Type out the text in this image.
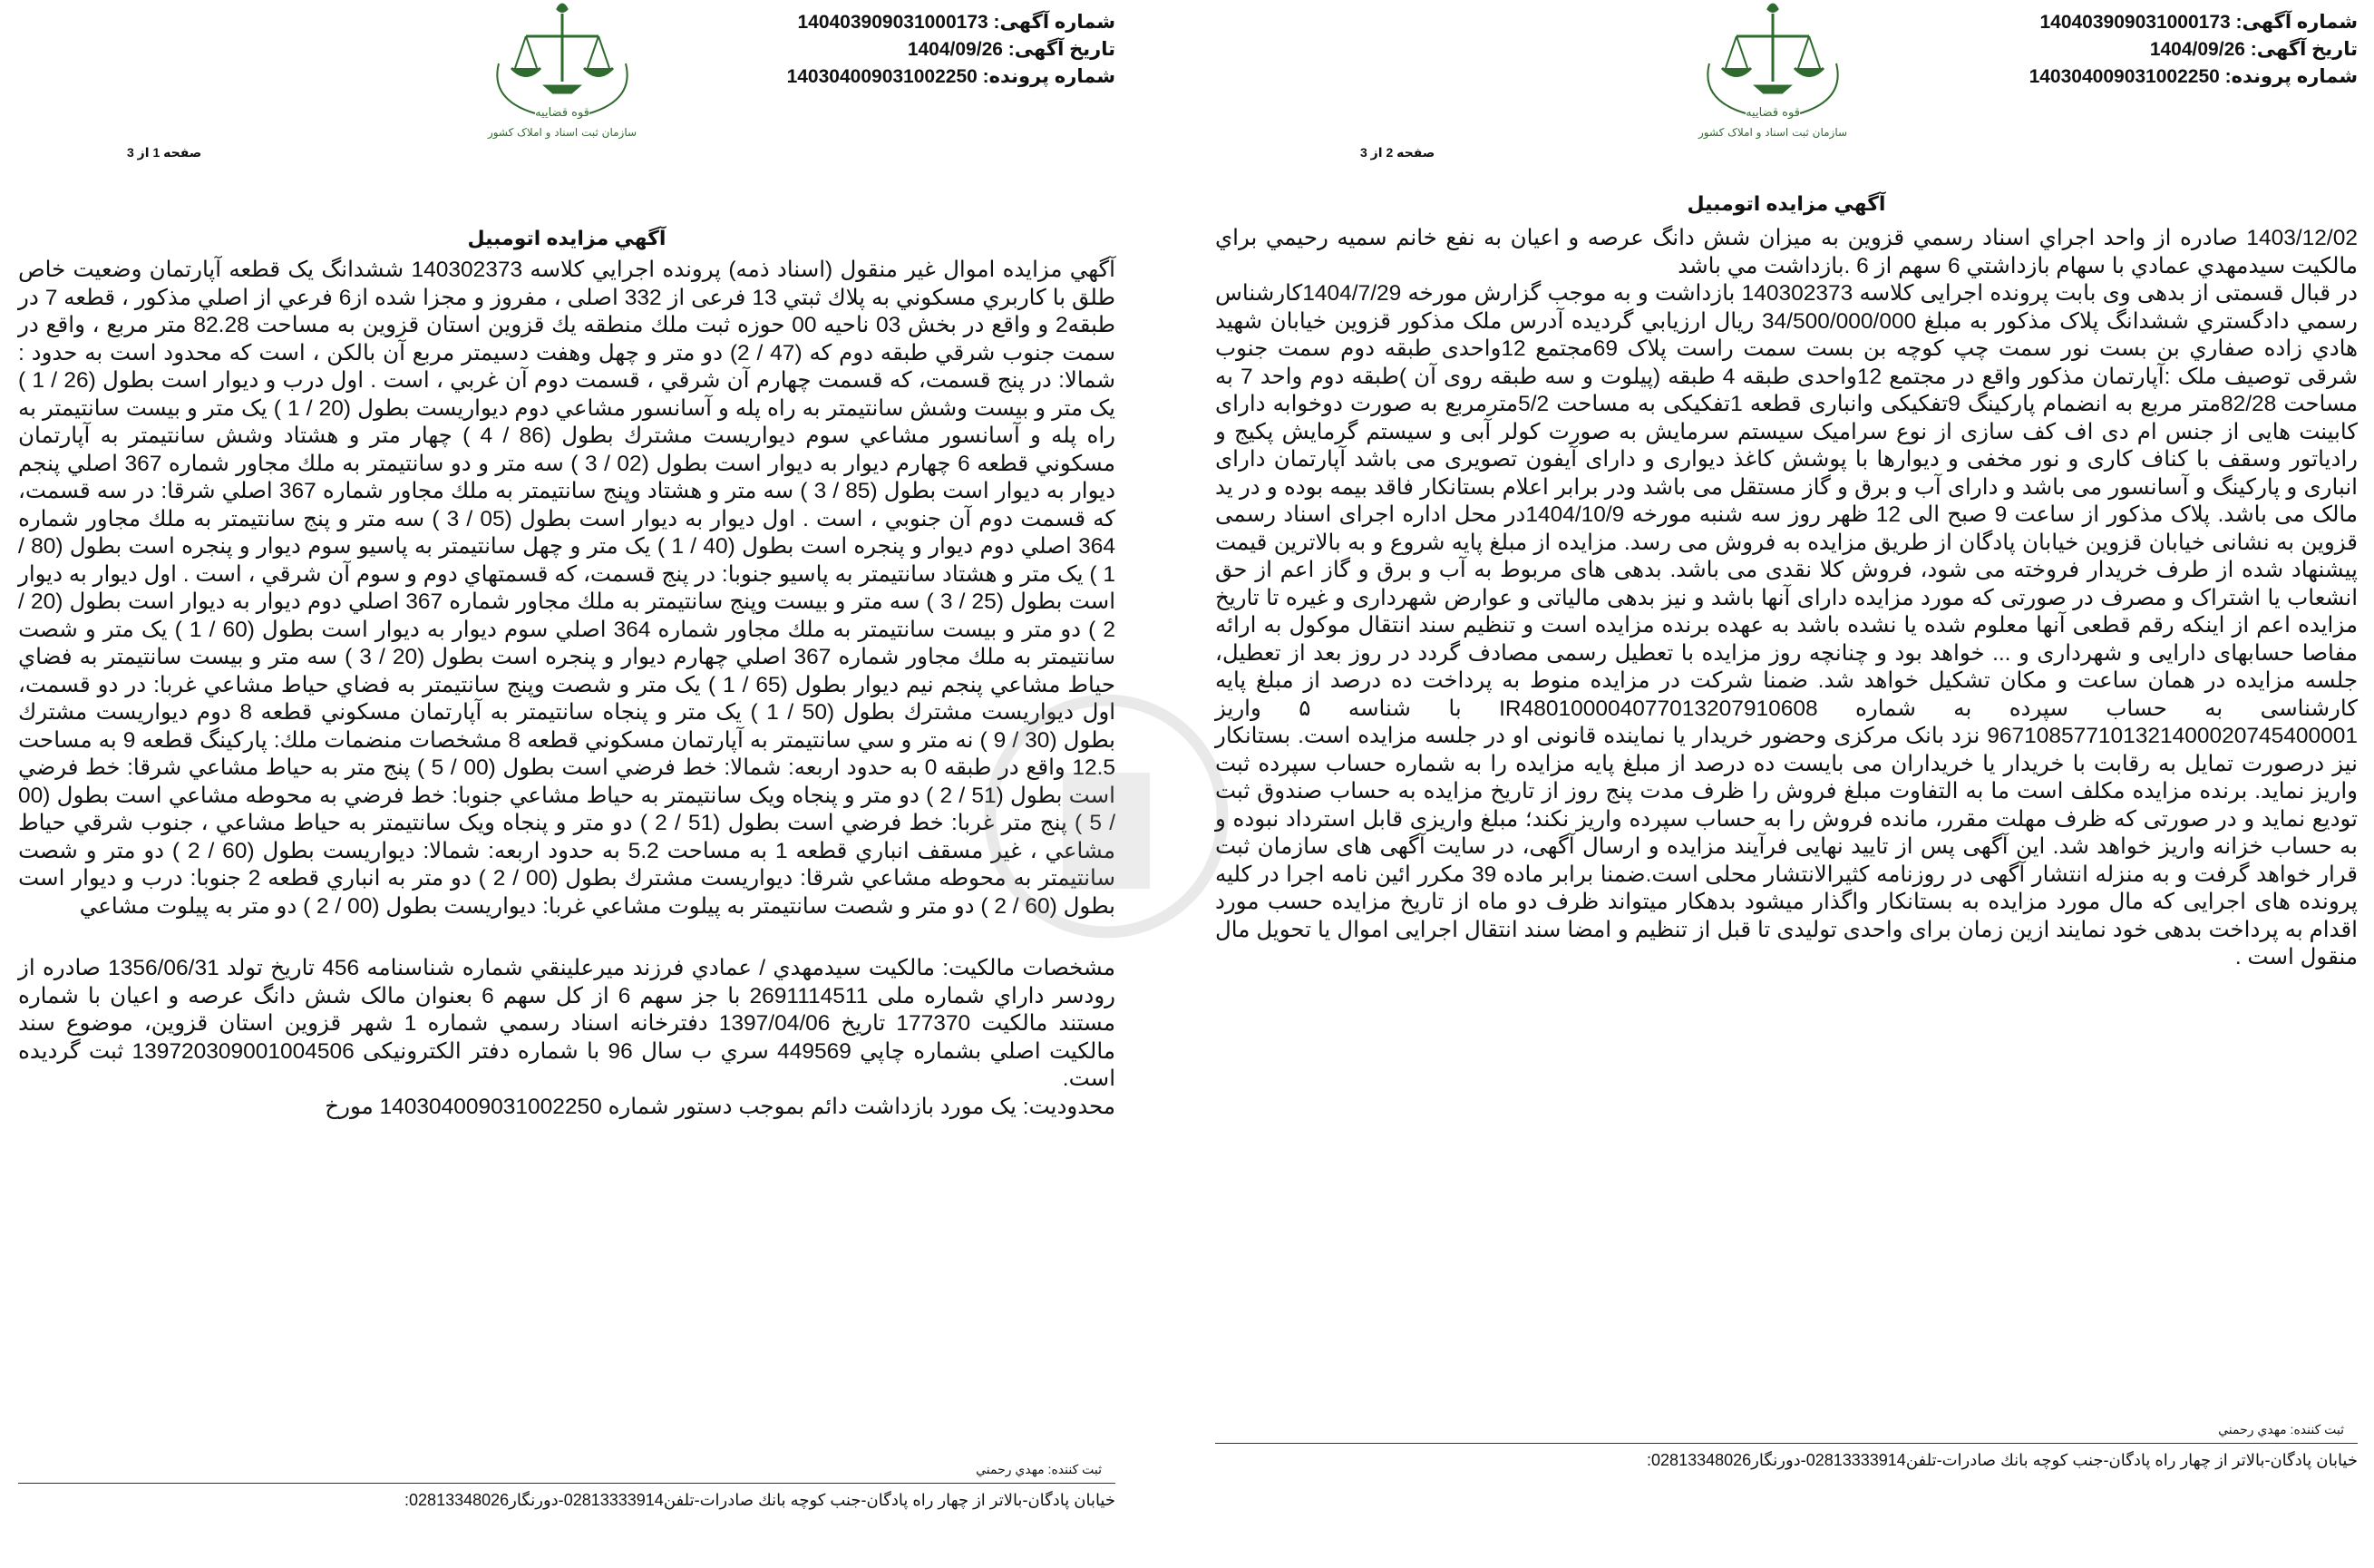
شماره آگهی: 140403909031000173
تاریخ آگهی: 1404/09/26
شماره پرونده: 140304009031002250
قوه قضاییه
سازمان ثبت اسناد و املاک کشور
صفحه 1 از 3
آگهي مزايده اتومبيل

آگهي مزايده اموال غير منقول (اسناد ذمه) پرونده اجرايي كلاسه 140302373 ششدانگ يک قطعه آپارتمان وضعيت خاص طلق با كاربري مسكوني به پلاك ثبتي 13 فرعی از 332 اصلی ، مفروز و مجزا شده از6 فرعي از اصلي مذكور ، قطعه 7 در طبقه2 و واقع در بخش 03 ناحيه 00 حوزه ثبت ملك منطقه يك قزوين استان قزوين به مساحت 82.28 متر مربع ، واقع در سمت جنوب شرقي طبقه دوم كه (47 / 2) دو متر و چهل وهفت دسيمتر مربع آن بالكن ، است كه محدود است به حدود : شمالا: در پنج قسمت، كه قسمت چهارم آن شرقي ، قسمت دوم آن غربي ، است . اول درب و ديوار است بطول (26 / 1 ) يک متر و بيست وشش سانتيمتر به راه پله و آسانسور مشاعي دوم ديواريست بطول (20 / 1 ) يک متر و بيست سانتيمتر به راه پله و آسانسور مشاعي سوم ديواريست مشترك بطول (86 / 4 ) چهار متر و هشتاد وشش سانتيمتر به آپارتمان مسكوني قطعه 6 چهارم ديوار به ديوار است بطول (02 / 3 ) سه متر و دو سانتيمتر به ملك مجاور شماره 367 اصلي پنجم ديوار به ديوار است بطول (85 / 3 ) سه متر و هشتاد وپنج سانتيمتر به ملك مجاور شماره 367 اصلي شرقا: در سه قسمت، كه قسمت دوم آن جنوبي ، است . اول ديوار به ديوار است بطول (05 / 3 ) سه متر و پنج سانتيمتر به ملك مجاور شماره 364 اصلي دوم ديوار و پنجره است بطول (40 / 1 ) يک متر و چهل سانتيمتر به پاسيو سوم ديوار و پنجره است بطول (80 / 1 ) يک متر و هشتاد سانتيمتر به پاسيو جنوبا: در پنج قسمت، كه قسمتهاي دوم و سوم آن شرقي ، است . اول ديوار به ديوار است بطول (25 / 3 ) سه متر و بيست وپنج سانتيمتر به ملك مجاور شماره 367 اصلي دوم ديوار به ديوار است بطول (20 / 2 ) دو متر و بيست سانتيمتر به ملك مجاور شماره 364 اصلي سوم ديوار به ديوار است بطول (60 / 1 ) يک متر و شصت سانتيمتر به ملك مجاور شماره 367 اصلي چهارم ديوار و پنجره است بطول (20 / 3 ) سه متر و بيست سانتيمتر به فضاي حياط مشاعي پنجم نيم ديوار بطول (65 / 1 ) يک متر و شصت وپنج سانتيمتر به فضاي حياط مشاعي غربا: در دو قسمت، اول ديواريست مشترك بطول (50 / 1 ) يک متر و پنجاه سانتيمتر به آپارتمان مسكوني قطعه 8 دوم ديواريست مشترك بطول (30 / 9 ) نه متر و سي سانتيمتر به آپارتمان مسكوني قطعه 8 مشخصات منضمات ملك: پاركينگ قطعه 9 به مساحت 12.5 واقع در طبقه 0 به حدود اربعه: شمالا: خط فرضي است بطول (00 / 5 ) پنج متر به حياط مشاعي شرقا: خط فرضي است بطول (51 / 2 ) دو متر و پنجاه ويک سانتيمتر به حياط مشاعي جنوبا: خط فرضي به محوطه مشاعي است بطول (00 / 5 ) پنج متر غربا: خط فرضي است بطول (51 / 2 ) دو متر و پنجاه ويک سانتيمتر به حياط مشاعي ، جنوب شرقي حياط مشاعي ، غير مسقف انباري قطعه 1 به مساحت 5.2 به حدود اربعه: شمالا: ديواريست بطول (60 / 2 ) دو متر و شصت سانتيمتر به محوطه مشاعي شرقا: ديواريست مشترك بطول (00 / 2 ) دو متر به انباري قطعه 2 جنوبا: درب و ديوار است بطول (60 / 2 ) دو متر و شصت سانتيمتر به پيلوت مشاعي غربا: ديواريست بطول (00 / 2 ) دو متر به پيلوت مشاعي

مشخصات مالكيت: مالكيت سيدمهدي / عمادي فرزند ميرعلينقي شماره شناسنامه 456 تاريخ تولد 1356/06/31 صادره از رودسر داراي شماره ملی 2691114511 با جز سهم 6 از كل سهم 6 بعنوان مالک شش دانگ عرصه و اعيان با شماره مستند مالكيت 177370 تاريخ 1397/04/06 دفترخانه اسناد رسمي شماره 1 شهر قزوين استان قزوين، موضوع سند مالكيت اصلي بشماره چاپي 449569 سري ب سال 96 با شماره دفتر الكترونيكی 139720309001004506 ثبت گرديده است.

محدوديت: يک مورد بازداشت دائم بموجب دستور شماره 140304009031002250 مورخ

ثبت کننده: مهدي رحمني
خيابان پادگان-بالاتر از چهار راه پادگان-جنب كوچه بانك صادرات-تلفن02813333914-دورنگار02813348026:
شماره آگهی: 140403909031000173
تاریخ آگهی: 1404/09/26
شماره پرونده: 140304009031002250
قوه قضاییه
سازمان ثبت اسناد و املاک کشور
صفحه 2 از 3
آگهي مزايده اتومبيل

1403/12/02 صادره از واحد اجراي اسناد رسمي قزوين به ميزان شش دانگ عرصه و اعيان به نفع خانم سميه رحيمي براي مالكيت سيدمهدي عمادي با سهام بازداشتي 6 سهم از 6 .بازداشت مي باشد

در قبال قسمتی از بدهی وی بابت پرونده اجرایی کلاسه 140302373 بازداشت و به موجب گزارش مورخه 1404/7/29کارشناس رسمي دادگستري ششدانگ پلاک مذکور به مبلغ 34/500/000/000 ريال ارزيابي گرديده آدرس ملک مذکور قزوين خيابان شهيد هادي زاده صفاري بن بست نور سمت چپ كوچه بن بست سمت راست پلاک 69مجتمع 12واحدی طبقه دوم سمت جنوب شرقی توصیف ملک :آپارتمان مذکور واقع در مجتمع 12واحدی طبقه 4 طبقه (پیلوت و سه طبقه روی آن )طبقه دوم واحد 7 به مساحت 82/28متر مربع به انضمام پارکینگ 9تفکیکی وانباری قطعه 1تفکیکی به مساحت 5/2مترمربع به صورت دوخوابه دارای کابینت هایی از جنس ام دی اف کف سازی از نوع سرامیک سیستم سرمایش به صورت کولر آبی و سیستم گرمایش پکیج و رادیاتور وسقف با کناف کاری و نور مخفی و دیوارها با پوشش کاغذ دیواری و دارای آیفون تصویری می باشد آپارتمان دارای انباری و پارکینگ و آسانسور می باشد و دارای آب و برق و گاز مستقل می باشد ودر برابر اعلام بستانکار فاقد بیمه بوده و در ید مالک می باشد. پلاک مذکور از ساعت 9 صبح الی 12 ظهر روز سه شنبه مورخه 1404/10/9در محل اداره اجرای اسناد رسمی قزوين به نشانی خیابان قزوين خيابان پادگان از طریق مزایده به فروش می رسد. مزایده از مبلغ پایه شروع و به بالاترین قیمت پیشنهاد شده از طرف خریدار فروخته می شود، فروش کلا نقدی می باشد. بدهی های مربوط به آب و برق و گاز اعم از حق انشعاب یا اشتراک و مصرف در صورتی که مورد مزایده دارای آنها باشد و نیز بدهی مالیاتی و عوارض شهرداری و غیره تا تاریخ مزایده اعم از اینکه رقم قطعی آنها معلوم شده یا نشده باشد به عهده برنده مزایده است و تنظیم سند انتقال موکول به ارائه مفاصا حسابهای دارایی و شهرداری و ... خواهد بود و چنانچه روز مزایده با تعطیل رسمی مصادف گردد در روز بعد از تعطیل، جلسه مزایده در همان ساعت و مکان تشکیل خواهد شد. ضمنا شرکت در مزایده منوط به پرداخت ده درصد از مبلغ پایه کارشناسی به حساب سپرده به شماره IR480100004077013207910608 با شناسه ۵ واریز 967108577101321400020745400001 نزد بانک مرکزی وحضور خریدار یا نماینده قانونی او در جلسه مزایده است. بستانکار نیز درصورت تمایل به رقابت با خریدار یا خریداران می بایست ده درصد از مبلغ پایه مزایده را به شماره حساب سپرده ثبت واریز نماید. برنده مزایده مکلف است ما به التفاوت مبلغ فروش را ظرف مدت پنج روز از تاریخ مزایده به حساب صندوق ثبت تودیع نماید و در صورتی که ظرف مهلت مقرر، مانده فروش را به حساب سپرده واریز نکند؛ مبلغ واریزی قابل استرداد نبوده و به حساب خزانه واریز خواهد شد. این آگهی پس از تایید نهایی فرآیند مزایده و ارسال آگهی، در سایت آگهی های سازمان ثبت قرار خواهد گرفت و به منزله انتشار آگهی در روزنامه کثیرالانتشار محلی است.ضمنا برابر ماده 39 مکرر ائین نامه اجرا در کلیه پرونده های اجرایی که مال مورد مزایده به بستانکار واگذار میشود بدهکار میتواند ظرف دو ماه از تاریخ مزایده حسب مورد اقدام به پرداخت بدهی خود نمایند ازین زمان برای واحدی تولیدی تا قبل از تنظیم و امضا سند انتقال اجرایی اموال یا تحویل مال منقول است .

ثبت کننده: مهدي رحمني
خيابان پادگان-بالاتر از چهار راه پادگان-جنب كوچه بانك صادرات-تلفن02813333914-دورنگار02813348026:
